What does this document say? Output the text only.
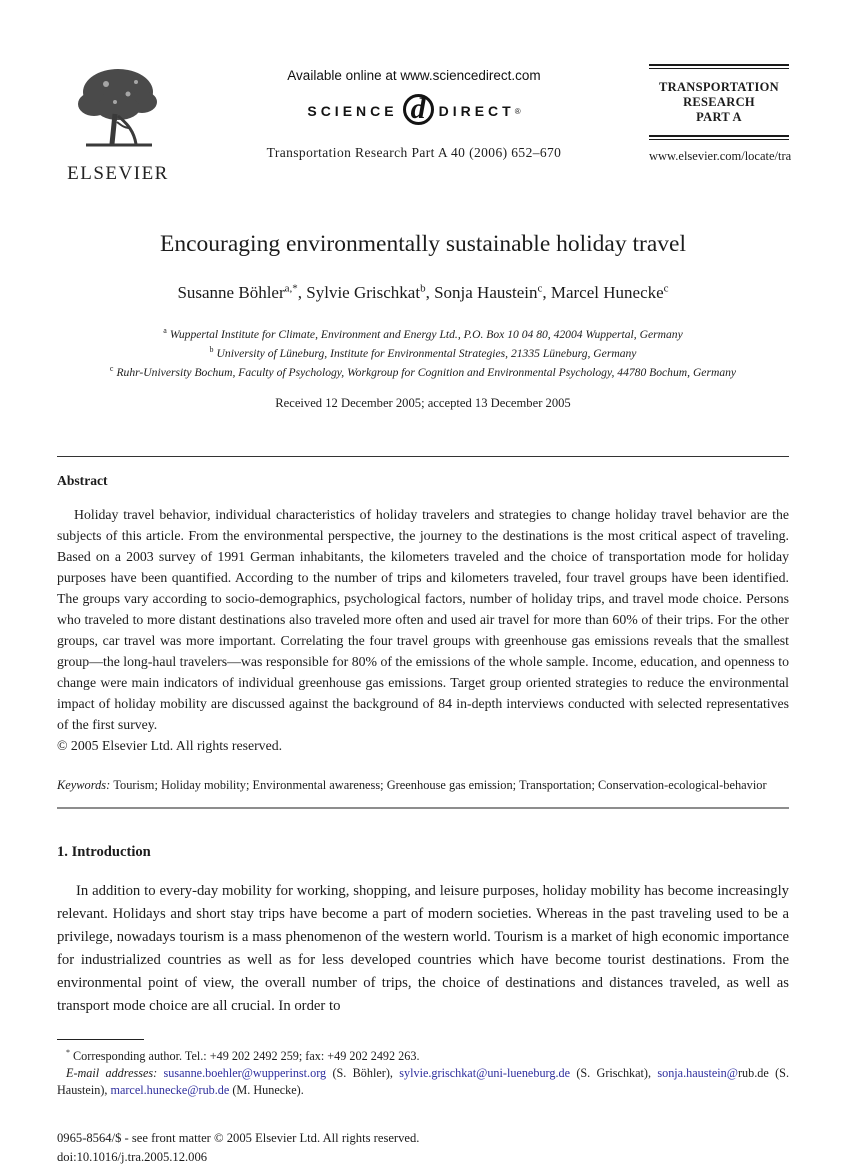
ELSEVIER
Available online at www.sciencedirect.com
SCIENCE d DIRECT ®
Transportation Research Part A 40 (2006) 652–670
TRANSPORTATION
RESEARCH
PART A
www.elsevier.com/locate/tra
Encouraging environmentally sustainable holiday travel
Susanne Böhler$^{a,*}$, Sylvie Grischkat$^b$, Sonja Haustein$^c$, Marcel Hunecke$^c$
$^a$ Wuppertal Institute for Climate, Environment and Energy Ltd., P.O. Box 10 04 80, 42004 Wuppertal, Germany
$^b$ University of Lüneburg, Institute for Environmental Strategies, 21335 Lüneburg, Germany
$^c$ Ruhr-University Bochum, Faculty of Psychology, Workgroup for Cognition and Environmental Psychology, 44780 Bochum, Germany
Received 12 December 2005; accepted 13 December 2005
Abstract

Holiday travel behavior, individual characteristics of holiday travelers and strategies to change holiday travel behavior are the subjects of this article. From the environmental perspective, the journey to the destinations is the most critical aspect of traveling. Based on a 2003 survey of 1991 German inhabitants, the kilometers traveled and the choice of transportation mode for holiday purposes have been quantified. According to the number of trips and kilometers traveled, four travel groups have been identified. The groups vary according to socio-demographics, psychological factors, number of holiday trips, and travel mode choice. Persons who traveled to more distant destinations also traveled more often and used air travel for more than 60% of their trips. For the other groups, car travel was more important. Correlating the four travel groups with greenhouse gas emissions reveals that the smallest group—the long-haul travelers—was responsible for 80% of the emissions of the whole sample. Income, education, and openness to change were main indicators of individual greenhouse gas emissions. Target group oriented strategies to reduce the environmental impact of holiday mobility are discussed against the background of 84 in-depth interviews conducted with selected representatives of the first survey.

© 2005 Elsevier Ltd. All rights reserved.

Keywords: Tourism; Holiday mobility; Environmental awareness; Greenhouse gas emission; Transportation; Conservation-ecological-behavior

1. Introduction

In addition to every-day mobility for working, shopping, and leisure purposes, holiday mobility has become increasingly relevant. Holidays and short stay trips have become a part of modern societies. Whereas in the past traveling used to be a privilege, nowadays tourism is a mass phenomenon of the western world. Tourism is a market of high economic importance for industrialized countries as well as for less developed countries which have become tourist destinations. From the environmental point of view, the overall number of trips, the choice of destinations and distances traveled, as well as transport mode choice are all crucial. In order to

* Corresponding author. Tel.: +49 202 2492 259; fax: +49 202 2492 263.

E-mail addresses: susanne.boehler@wupperinst.org (S. Böhler), sylvie.grischkat@uni-lueneburg.de (S. Grischkat), sonja.haustein@rub.de (S. Haustein), marcel.hunecke@rub.de (M. Hunecke).

0965-8564/$ - see front matter © 2005 Elsevier Ltd. All rights reserved.
doi:10.1016/j.tra.2005.12.006
